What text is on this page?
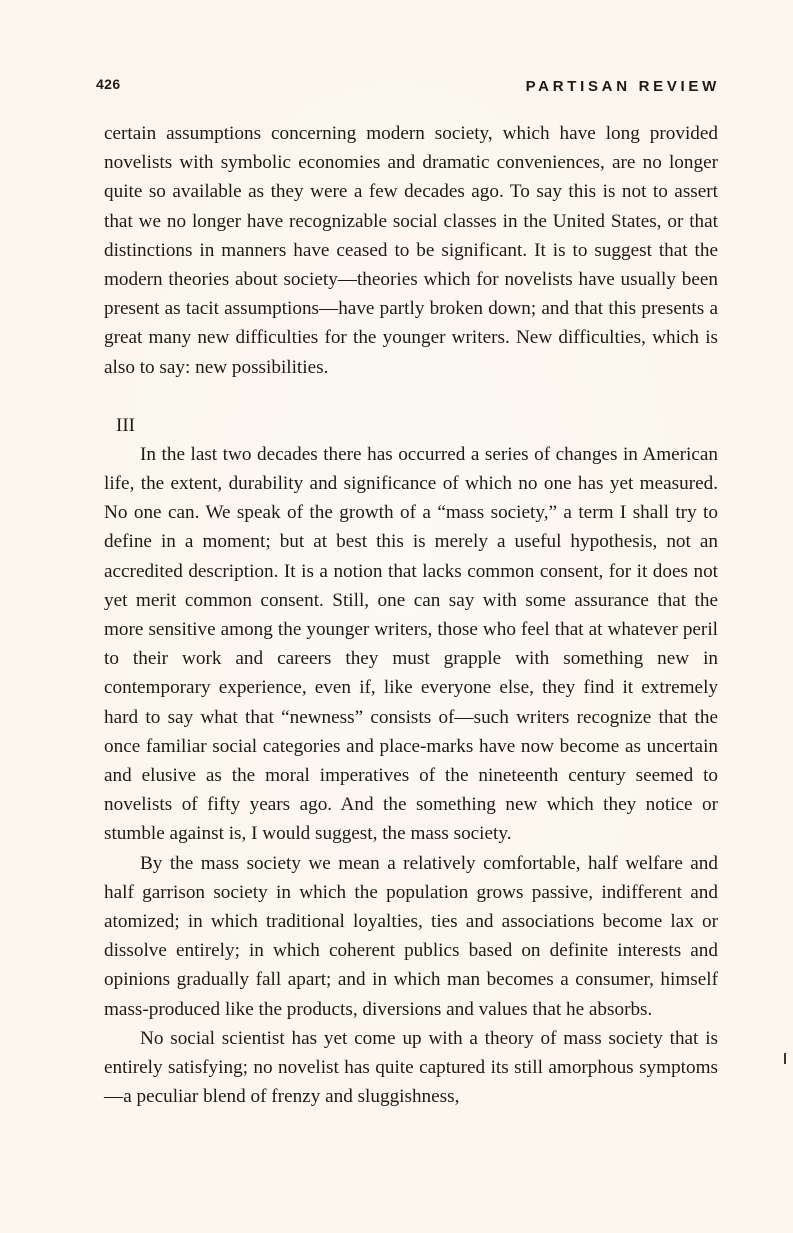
426	PARTISAN REVIEW

certain assumptions concerning modern society, which have long provided novelists with symbolic economies and dramatic conveniences, are no longer quite so available as they were a few decades ago. To say this is not to assert that we no longer have recognizable social classes in the United States, or that distinctions in manners have ceased to be significant. It is to suggest that the modern theories about society—theories which for novelists have usually been present as tacit assumptions—have partly broken down; and that this presents a great many new difficulties for the younger writers. New difficulties, which is also to say: new possibilities.

III

In the last two decades there has occurred a series of changes in American life, the extent, durability and significance of which no one has yet measured. No one can. We speak of the growth of a “mass society,” a term I shall try to define in a moment; but at best this is merely a useful hypothesis, not an accredited description. It is a notion that lacks common consent, for it does not yet merit common consent. Still, one can say with some assurance that the more sensitive among the younger writers, those who feel that at whatever peril to their work and careers they must grapple with something new in contemporary experience, even if, like everyone else, they find it extremely hard to say what that “newness” consists of—such writers recognize that the once familiar social categories and place-marks have now become as uncertain and elusive as the moral imperatives of the nineteenth century seemed to novelists of fifty years ago. And the something new which they notice or stumble against is, I would suggest, the mass society.

By the mass society we mean a relatively comfortable, half welfare and half garrison society in which the population grows passive, indifferent and atomized; in which traditional loyalties, ties and associations become lax or dissolve entirely; in which coherent publics based on definite interests and opinions gradually fall apart; and in which man becomes a consumer, himself mass-produced like the products, diversions and values that he absorbs.

No social scientist has yet come up with a theory of mass society that is entirely satisfying; no novelist has quite captured its still amorphous symptoms—a peculiar blend of frenzy and sluggishness,
